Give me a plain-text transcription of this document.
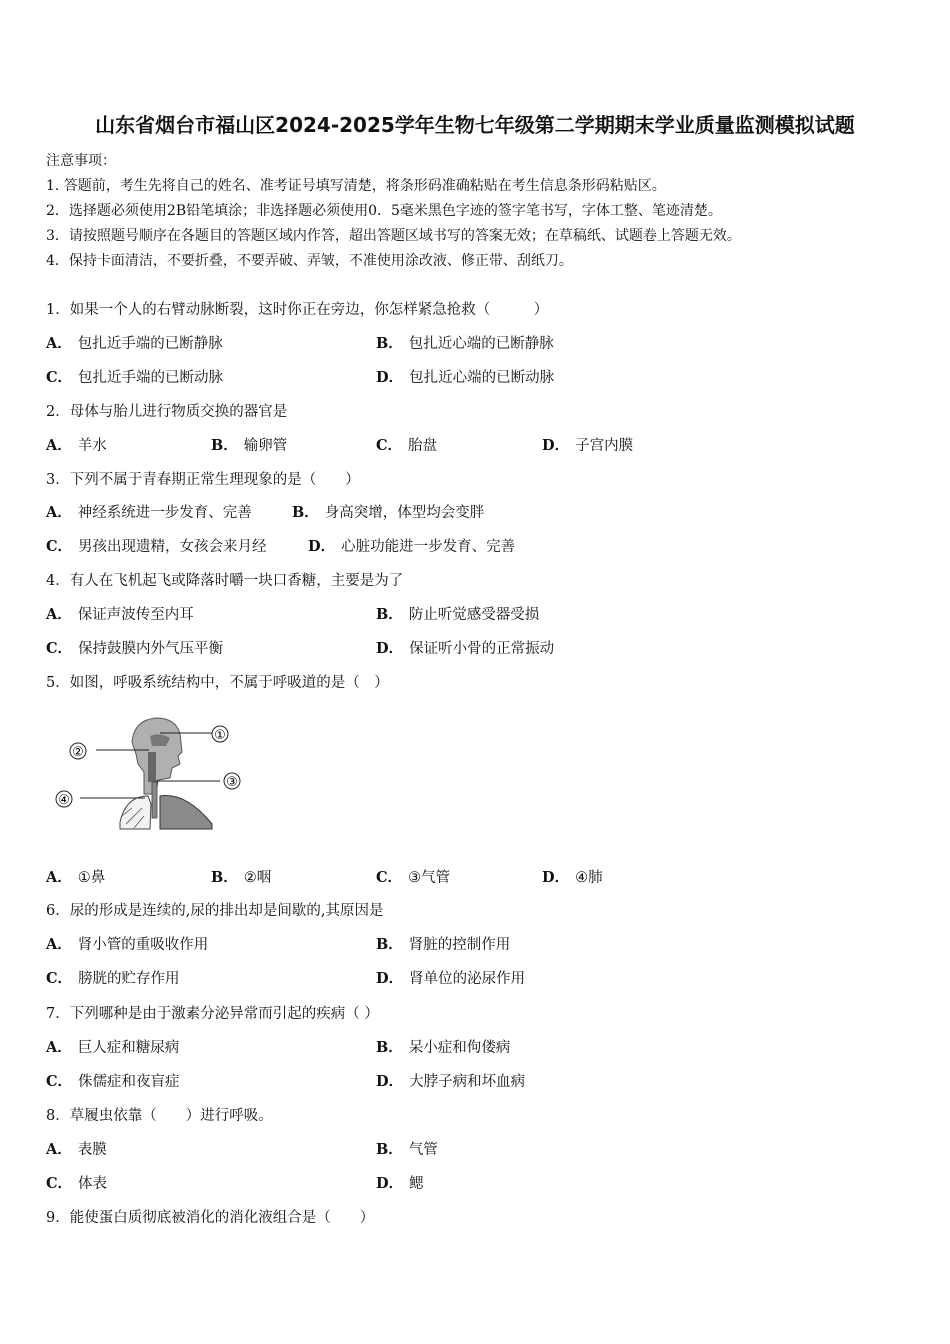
山东省烟台市福山区2024-2025学年生物七年级第二学期期末学业质量监测模拟试题
注意事项：
1. 答题前，考生先将自己的姓名、准考证号填写清楚，将条形码准确粘贴在考生信息条形码粘贴区。
2．选择题必须使用2B铅笔填涂；非选择题必须使用0．5毫米黑色字迹的签字笔书写，字体工整、笔迹清楚。
3．请按照题号顺序在各题目的答题区域内作答，超出答题区域书写的答案无效；在草稿纸、试题卷上答题无效。
4．保持卡面清洁，不要折叠，不要弄破、弄皱，不准使用涂改液、修正带、刮纸刀。
1．如果一个人的右臂动脉断裂，这时你正在旁边，你怎样紧急抢救（　　　）
A． 包扎近手端的已断静脉	B． 包扎近心端的已断静脉
C． 包扎近手端的已断动脉	D． 包扎近心端的已断动脉
2．母体与胎儿进行物质交换的器官是
A． 羊水	B． 输卵管	C． 胎盘	D． 子宫内膜
3．下列不属于青春期正常生理现象的是（　　）
A． 神经系统进一步发育、完善	B． 身高突增，体型均会变胖
C． 男孩出现遗精，女孩会来月经	D． 心脏功能进一步发育、完善
4．有人在飞机起飞或降落时嚼一块口香糖，主要是为了
A． 保证声波传至内耳	B． 防止听觉感受器受损
C． 保持鼓膜内外气压平衡	D． 保证听小骨的正常振动
5．如图，呼吸系统结构中，不属于呼吸道的是（　）
①
②
③
④
A． ①鼻	B． ②咽	C． ③气管	D． ④肺
6．尿的形成是连续的,尿的排出却是间歇的,其原因是
A． 肾小管的重吸收作用	B． 肾脏的控制作用
C． 膀胱的贮存作用	D． 肾单位的泌尿作用
7．下列哪种是由于激素分泌异常而引起的疾病（ ）
A． 巨人症和糖尿病	B． 呆小症和佝偻病
C． 侏儒症和夜盲症	D． 大脖子病和坏血病
8．草履虫依靠（　　）进行呼吸。
A． 表膜	B． 气管
C． 体表	D． 鳃
9．能使蛋白质彻底被消化的消化液组合是（　　）
